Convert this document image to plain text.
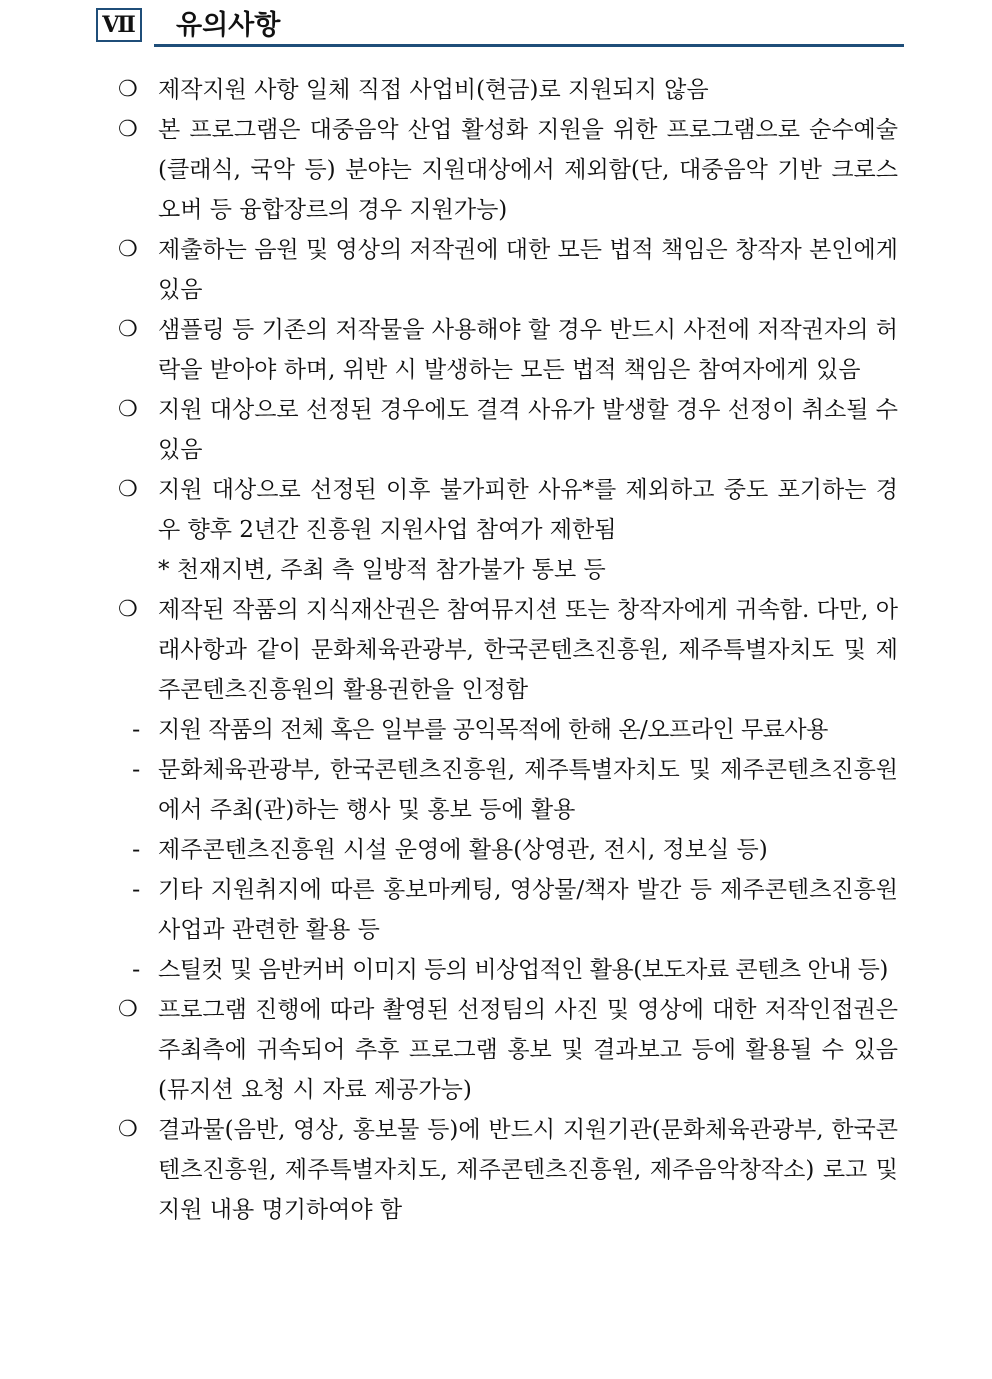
Ⅶ 유의사항
❍ 제작지원 사항 일체 직접 사업비(현금)로 지원되지 않음
❍ 본 프로그램은 대중음악 산업 활성화 지원을 위한 프로그램으로 순수예술(클래식, 국악 등) 분야는 지원대상에서 제외함(단, 대중음악 기반 크로스오버 등 융합장르의 경우 지원가능)
❍ 제출하는 음원 및 영상의 저작권에 대한 모든 법적 책임은 창작자 본인에게 있음
❍ 샘플링 등 기존의 저작물을 사용해야 할 경우 반드시 사전에 저작권자의 허락을 받아야 하며, 위반 시 발생하는 모든 법적 책임은 참여자에게 있음
❍ 지원 대상으로 선정된 경우에도 결격 사유가 발생할 경우 선정이 취소될 수 있음
❍ 지원 대상으로 선정된 이후 불가피한 사유*를 제외하고 중도 포기하는 경우 향후 2년간 진흥원 지원사업 참여가 제한됨
* 천재지변, 주최 측 일방적 참가불가 통보 등
❍ 제작된 작품의 지식재산권은 참여뮤지션 또는 창작자에게 귀속함. 다만, 아래사항과 같이 문화체육관광부, 한국콘텐츠진흥원, 제주특별자치도 및 제주콘텐츠진흥원의 활용권한을 인정함
- 지원 작품의 전체 혹은 일부를 공익목적에 한해 온/오프라인 무료사용
- 문화체육관광부, 한국콘텐츠진흥원, 제주특별자치도 및 제주콘텐츠진흥원에서 주최(관)하는 행사 및 홍보 등에 활용
- 제주콘텐츠진흥원 시설 운영에 활용(상영관, 전시, 정보실 등)
- 기타 지원취지에 따른 홍보마케팅, 영상물/책자 발간 등 제주콘텐츠진흥원 사업과 관련한 활용 등
- 스틸컷 및 음반커버 이미지 등의 비상업적인 활용(보도자료 콘텐츠 안내 등)
❍ 프로그램 진행에 따라 촬영된 선정팀의 사진 및 영상에 대한 저작인접권은 주최측에 귀속되어 추후 프로그램 홍보 및 결과보고 등에 활용될 수 있음(뮤지션 요청 시 자료 제공가능)
❍ 결과물(음반, 영상, 홍보물 등)에 반드시 지원기관(문화체육관광부, 한국콘텐츠진흥원, 제주특별자치도, 제주콘텐츠진흥원, 제주음악창작소) 로고 및 지원 내용 명기하여야 함
